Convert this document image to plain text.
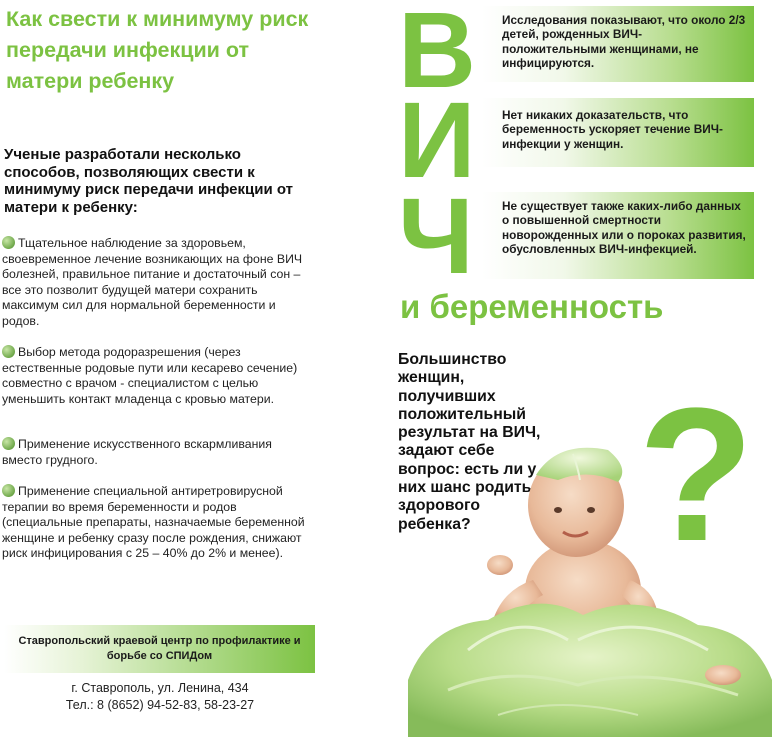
Как свести к минимуму риск передачи инфекции от матери ребенку

Ученые разработали несколько способов, позволяющих свести к минимуму риск передачи инфекции от матери к ребенку:

Тщательное наблюдение за здоровьем, своевременное лечение возникающих на фоне ВИЧ болезней, правильное питание и достаточный сон – все это позволит будущей матери сохранить максимум сил для нормальной беременности и родов.
Выбор метода родоразрешения (через естественные родовые пути или кесарево сечение) совместно с врачом - специалистом с целью уменьшить контакт младенца с кровью матери.
Применение искусственного вскармливания вместо грудного.
Применение специальной антиретровирусной терапии во время беременности и родов (специальные препараты, назначаемые беременной женщине и ребенку сразу после рождения, снижают риск инфицирования с 25 – 40% до 2% и менее).
Ставропольский краевой центр по профилактике и борьбе со СПИДом
г. Ставрополь, ул. Ленина, 434
Тел.: 8 (8652) 94-52-83, 58-23-27
В
И
Ч
Исследования показывают, что около 2/3 детей, рожденных ВИЧ-положительными женщинами, не инфицируются.
Нет никаких доказательств, что беременность ускоряет течение ВИЧ-инфекции у женщин.
Не существует также каких-либо данных о повышенной смертности новорожденных или о пороках развития, обусловленных ВИЧ-инфекцией.
и беременность

Большинство женщин, получивших положительный результат на ВИЧ, задают себе вопрос: есть ли у них шанс родить здорового ребенка? ?
